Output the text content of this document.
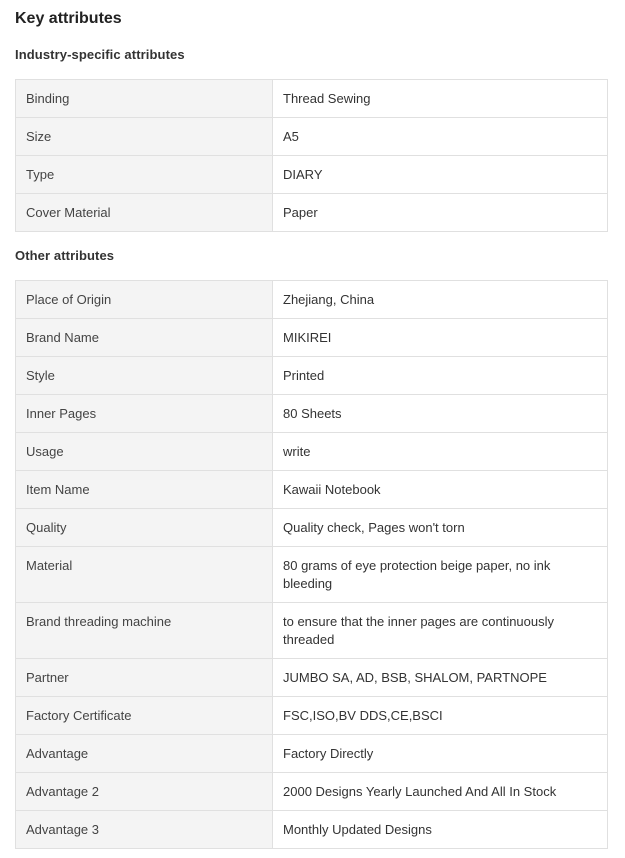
Key attributes
Industry-specific attributes
Binding	Thread Sewing
Size	A5
Type	DIARY
Cover Material	Paper
Other attributes
Place of Origin	Zhejiang, China
Brand Name	MIKIREI
Style	Printed
Inner Pages	80 Sheets
Usage	write
Item Name	Kawaii Notebook
Quality	Quality check, Pages won't torn
Material	80 grams of eye protection beige paper, no ink bleeding
Brand threading machine	to ensure that the inner pages are continuously threaded
Partner	JUMBO SA, AD, BSB, SHALOM, PARTNOPE
Factory Certificate	FSC,ISO,BV DDS,CE,BSCI
Advantage	Factory Directly
Advantage 2	2000 Designs Yearly Launched And All In Stock
Advantage 3	Monthly Updated Designs
